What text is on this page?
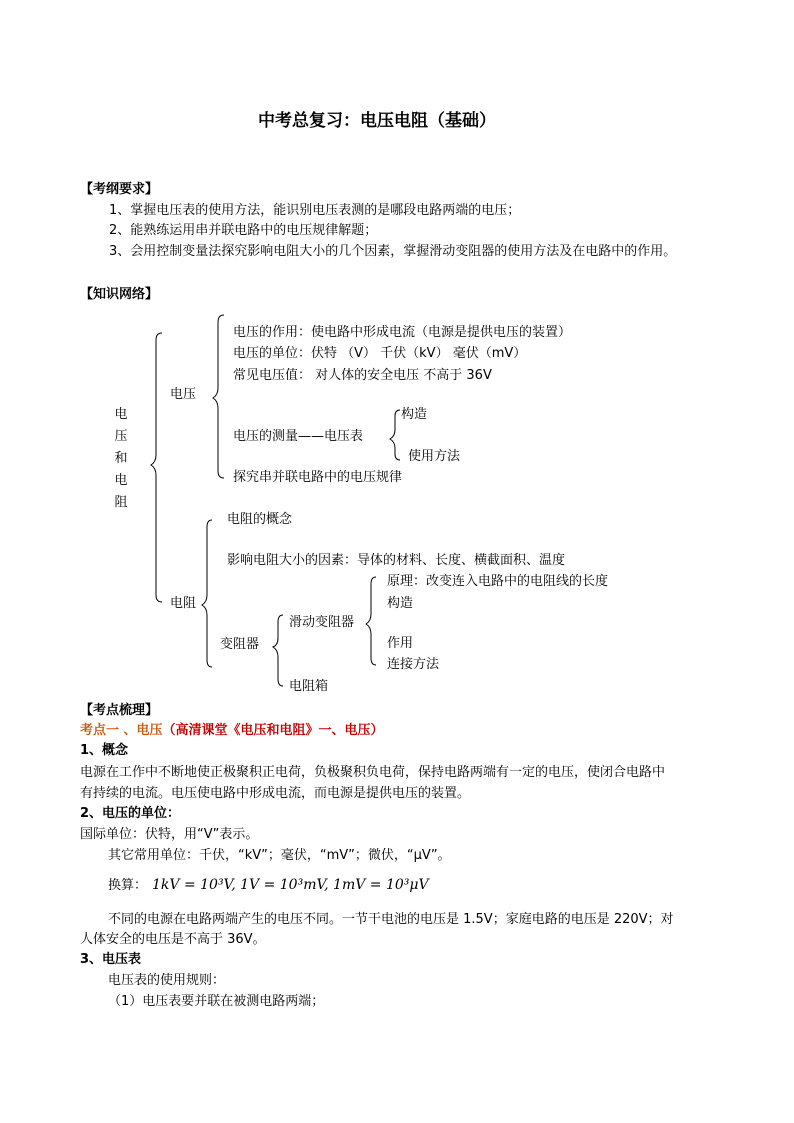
中考总复习：电压电阻（基础）
【考纲要求】
1、掌握电压表的使用方法，能识别电压表测的是哪段电路两端的电压；
2、能熟练运用串并联电路中的电压规律解题；
3、会用控制变量法探究影响电阻大小的几个因素，掌握滑动变阻器的使用方法及在电路中的作用。
【知识网络】
电
压
和
电
阻
电压
电压的作用：使电路中形成电流（电源是提供电压的装置）
电压的单位：伏特 （V） 千伏（kV） 毫伏（mV）
常见电压值： 对人体的安全电压 不高于 36V
电压的测量——电压表
探究串并联电路中的电压规律
构造
使用方法
电阻
电阻的概念
影响电阻大小的因素：导体的材料、长度、横截面积、温度
变阻器
滑动变阻器
电阻箱
原理：改变连入电路中的电阻线的长度
构造
作用
连接方法
【考点梳理】
考点一 、电压（高清课堂《电压和电阻》一、电压）
1、概念
电源在工作中不断地使正极聚积正电荷，负极聚积负电荷，保持电路两端有一定的电压，使闭合电路中
有持续的电流。电压使电路中形成电流，而电源是提供电压的装置。
2、电压的单位：
国际单位：伏特，用“V”表示。
其它常用单位：千伏，“kV”；毫伏，“mV”；微伏，“μV”。
换算： 1kV = 10³V, 1V = 10³mV, 1mV = 10³μV
不同的电源在电路两端产生的电压不同。一节干电池的电压是 1.5V；家庭电路的电压是 220V；对
人体安全的电压是不高于 36V。
3、电压表
电压表的使用规则：
（1）电压表要并联在被测电路两端；
